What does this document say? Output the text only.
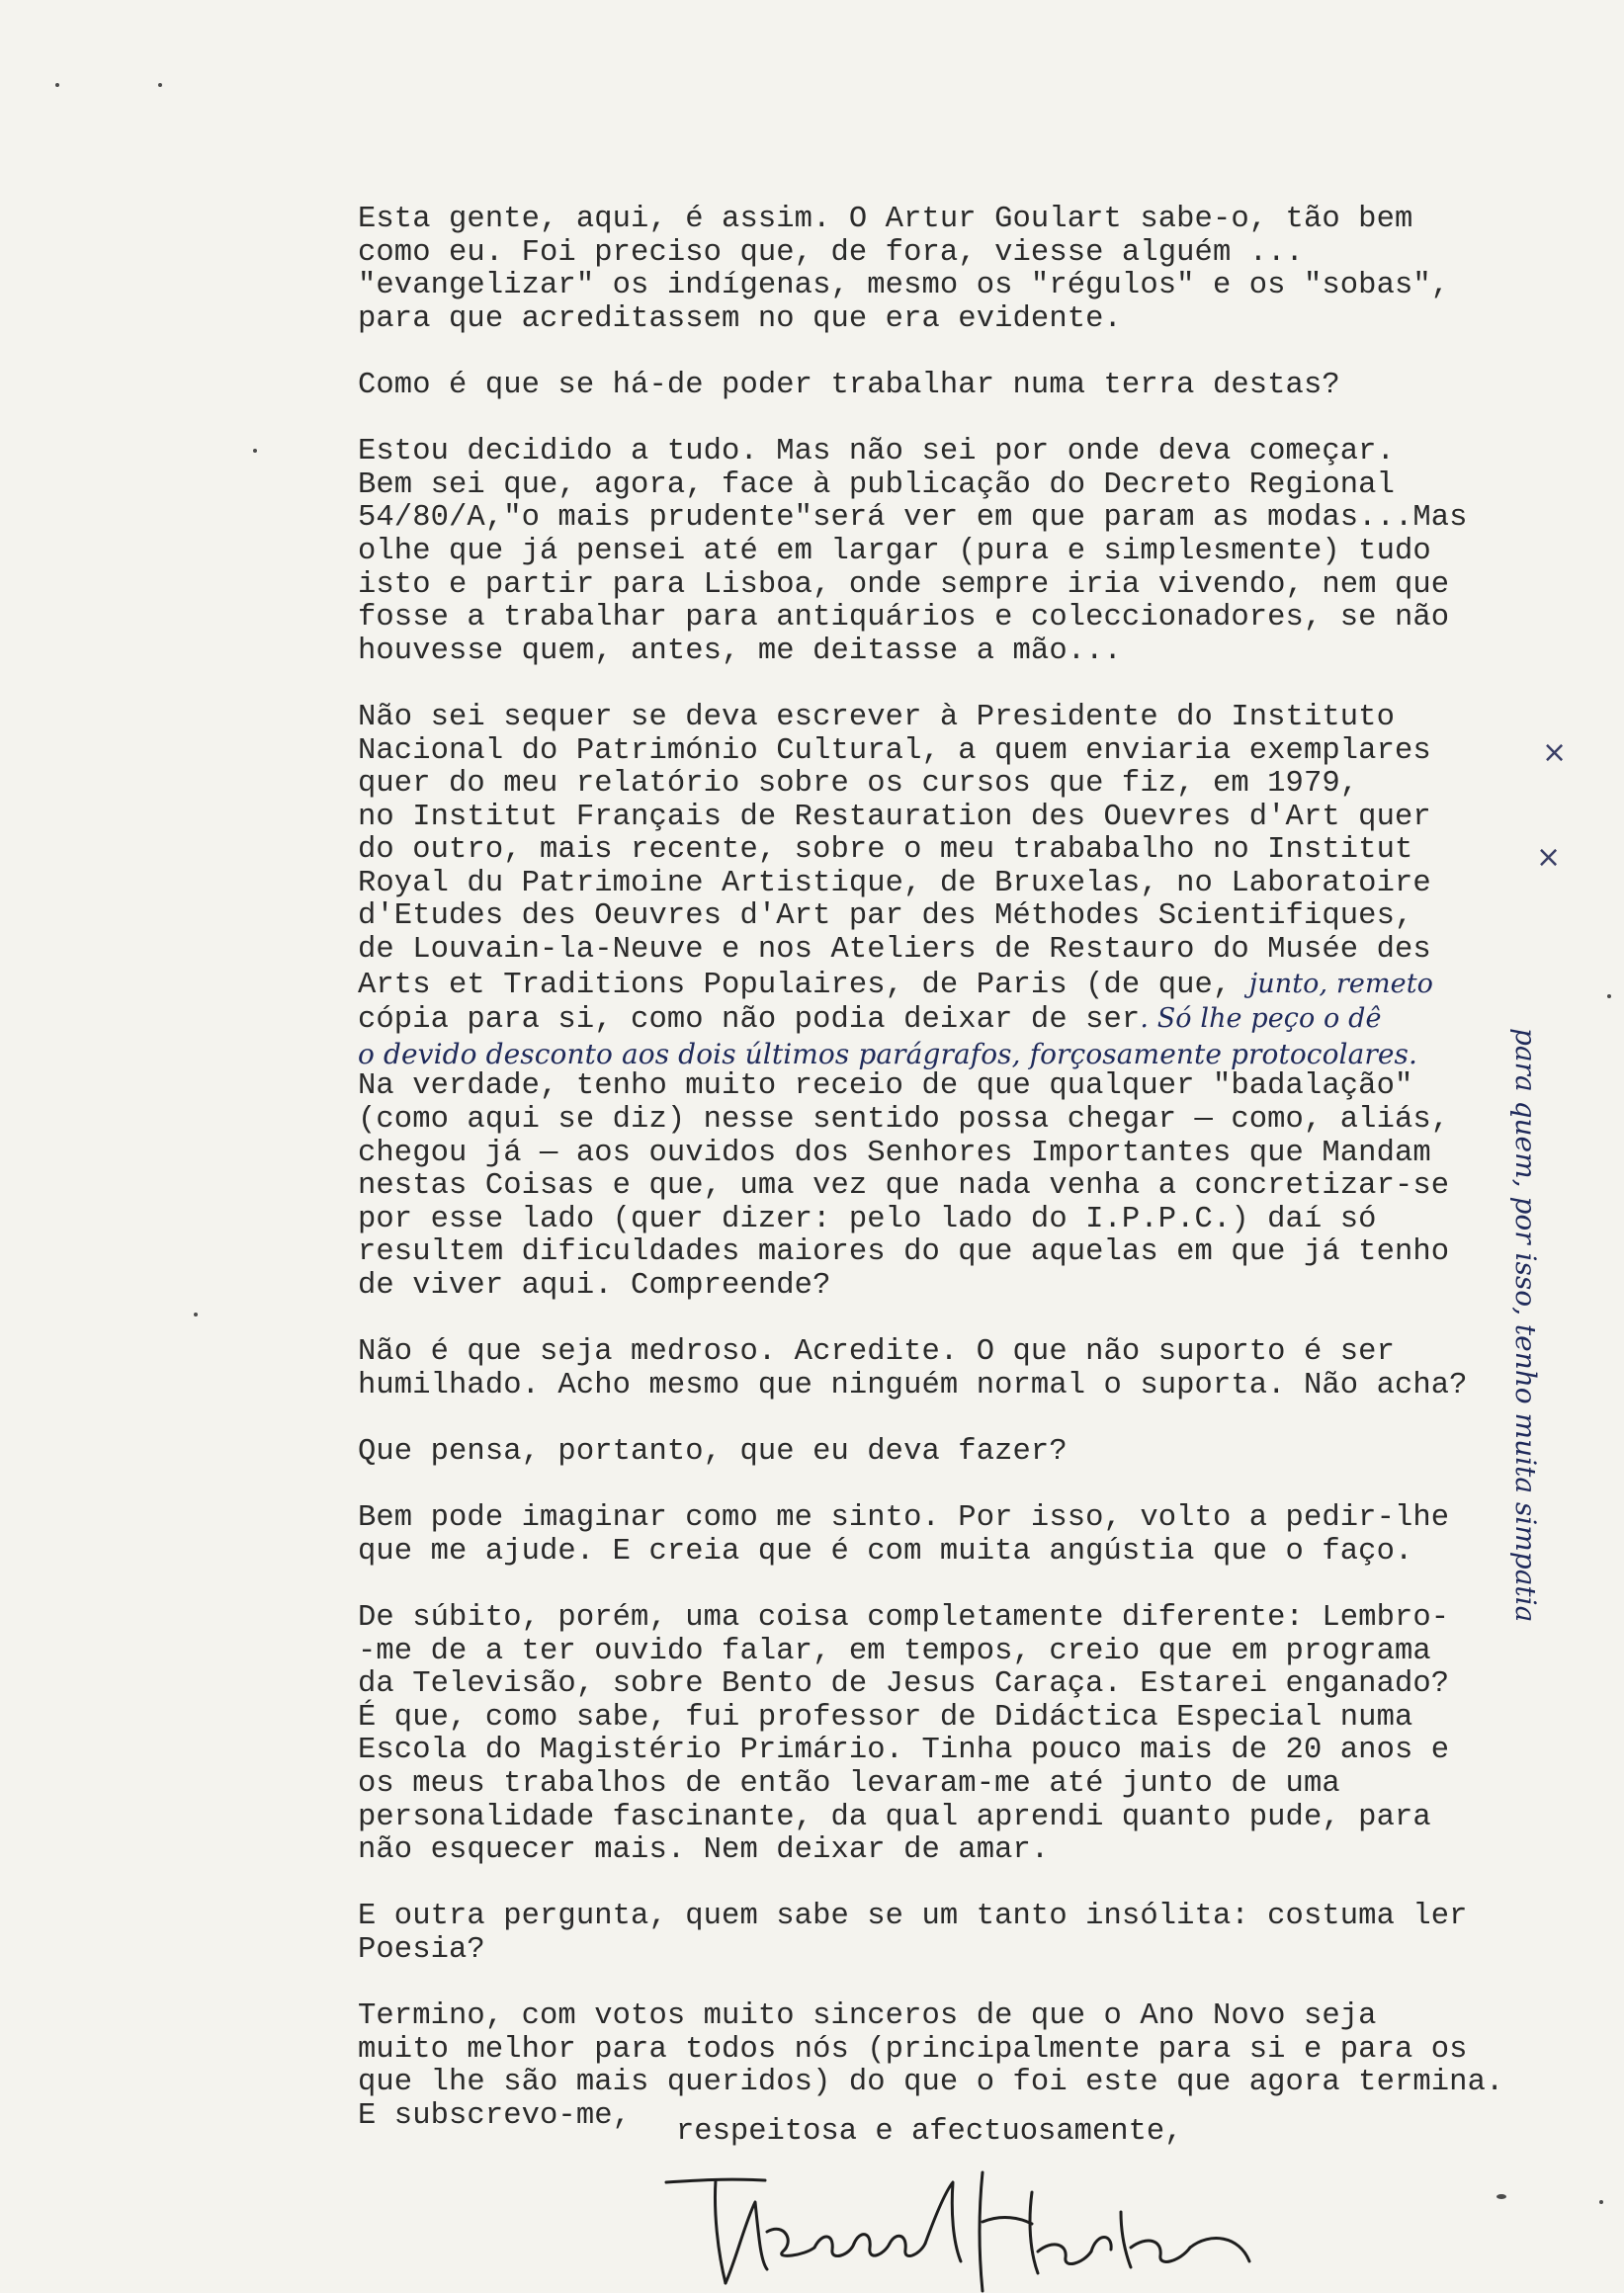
Esta gente, aqui, é assim. O Artur Goulart sabe-o, tão bem
como eu. Foi preciso que, de fora, viesse alguém ...
"evangelizar" os indígenas, mesmo os "régulos" e os "sobas",
para que acreditassem no que era evidente.
Como é que se há-de poder trabalhar numa terra destas?
Estou decidido a tudo. Mas não sei por onde deva começar.
Bem sei que, agora, face à publicação do Decreto Regional
54/80/A,"o mais prudente"será ver em que param as modas...Mas
olhe que já pensei até em largar (pura e simplesmente) tudo
isto e partir para Lisboa, onde sempre iria vivendo, nem que
fosse a trabalhar para antiquários e coleccionadores, se não
houvesse quem, antes, me deitasse a mão...
Não sei sequer se deva escrever à Presidente do Instituto
Nacional do Património Cultural, a quem enviaria exemplares
quer do meu relatório sobre os cursos que fiz, em 1979,
no Institut Français de Restauration des Ouevres d'Art quer
do outro, mais recente, sobre o meu trababalho no Institut
Royal du Patrimoine Artistique, de Bruxelas, no Laboratoire
d'Etudes des Oeuvres d'Art par des Méthodes Scientifiques,
de Louvain-la-Neuve e nos Ateliers de Restauro do Musée des
Arts et Traditions Populaires, de Paris (de que, junto, remeto
cópia para si, como não podia deixar de ser. Só lhe peço o dê
o devido desconto aos dois últimos parágrafos, forçosamente protocolares.
Na verdade, tenho muito receio de que qualquer "badalação"
(como aqui se diz) nesse sentido possa chegar — como, aliás,
chegou já — aos ouvidos dos Senhores Importantes que Mandam
nestas Coisas e que, uma vez que nada venha a concretizar-se
por esse lado (quer dizer: pelo lado do I.P.P.C.) daí só
resultem dificuldades maiores do que aquelas em que já tenho
de viver aqui. Compreende?
Não é que seja medroso. Acredite. O que não suporto é ser
humilhado. Acho mesmo que ninguém normal o suporta. Não acha?
Que pensa, portanto, que eu deva fazer?
Bem pode imaginar como me sinto. Por isso, volto a pedir-lhe
que me ajude. E creia que é com muita angústia que o faço.
De súbito, porém, uma coisa completamente diferente: Lembro-
-me de a ter ouvido falar, em tempos, creio que em programa
da Televisão, sobre Bento de Jesus Caraça. Estarei enganado?
É que, como sabe, fui professor de Didáctica Especial numa
Escola do Magistério Primário. Tinha pouco mais de 20 anos e
os meus trabalhos de então levaram-me até junto de uma
personalidade fascinante, da qual aprendi quanto pude, para
não esquecer mais. Nem deixar de amar.
E outra pergunta, quem sabe se um tanto insólita: costuma ler
Poesia?
Termino, com votos muito sinceros de que o Ano Novo seja
muito melhor para todos nós (principalmente para si e para os
que lhe são mais queridos) do que o foi este que agora termina.
E subscrevo-me,
×
×
para quem, por isso, tenho muita simpatia
respeitosa e afectuosamente,
